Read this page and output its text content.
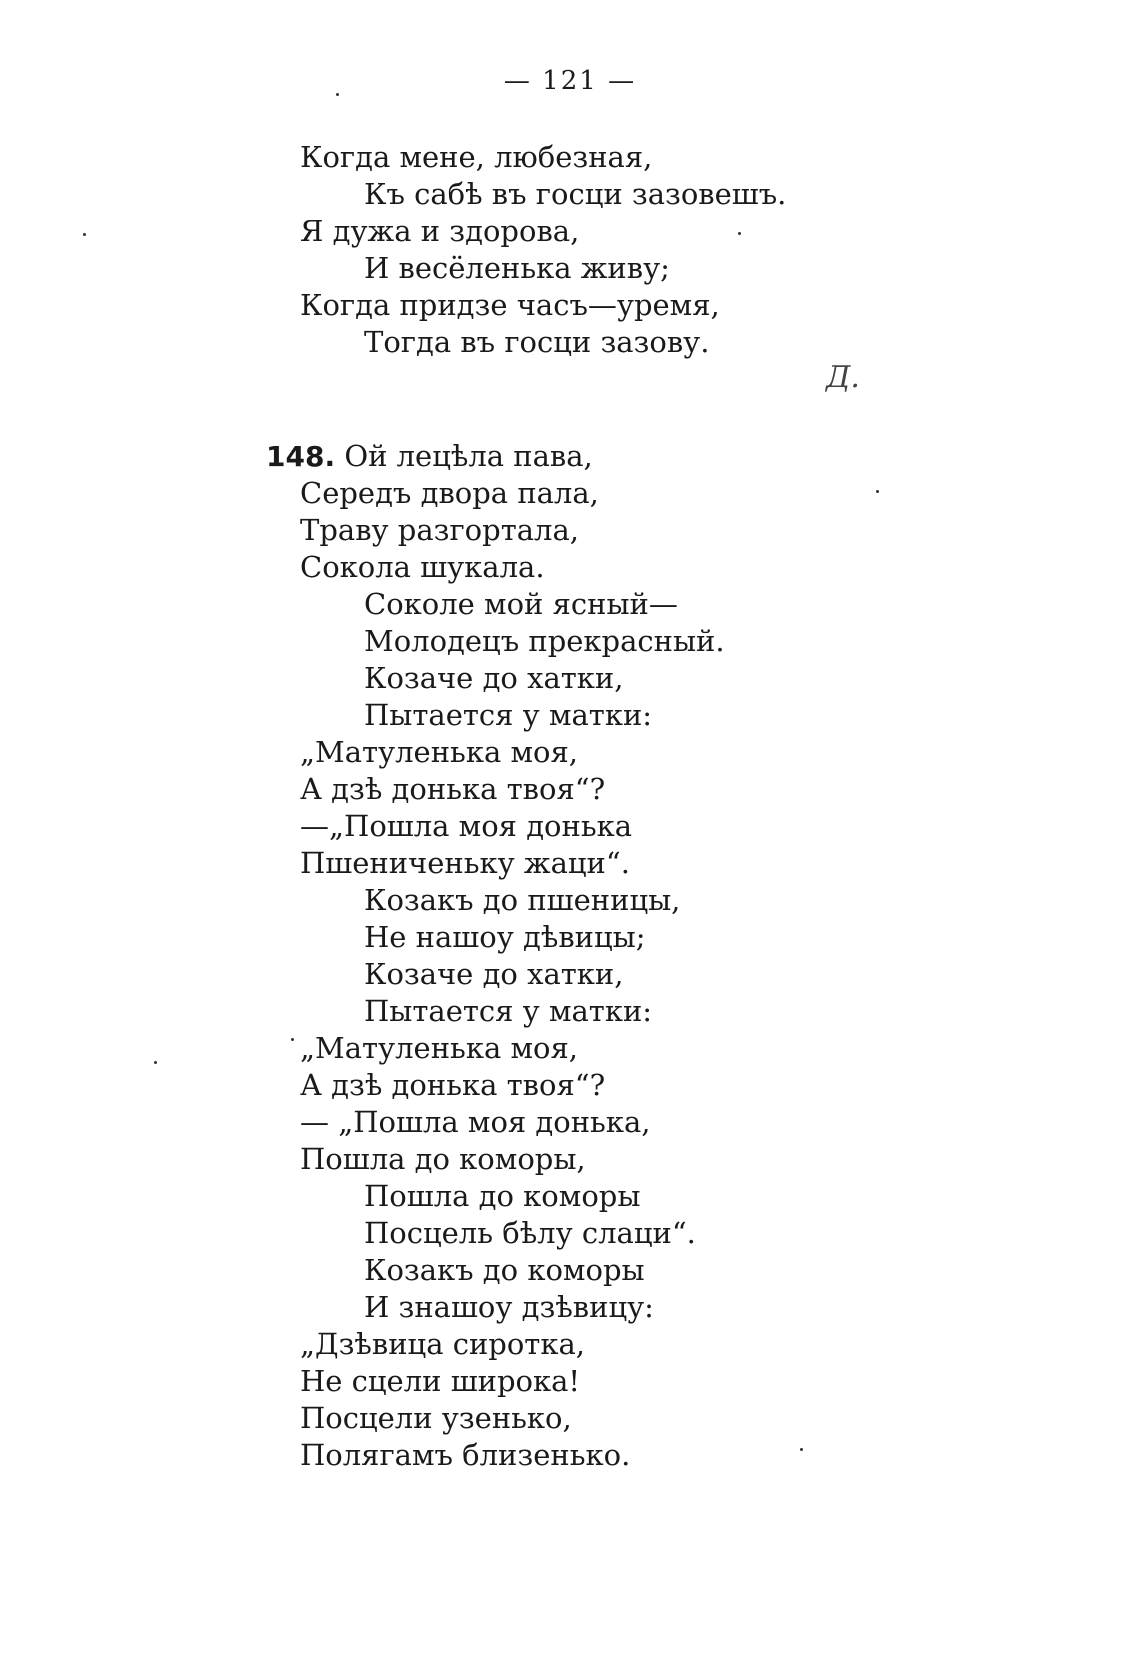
— 121 —
Когда мене, любезная,
Къ сабѣ въ госци зазовешъ.
Я дужа и здорова,
И весёленька живу;
Когда придзе часъ—уремя,
Тогда въ госци зазову.
Д.
148. Ой лецѣла пава,
Середъ двора пала,
Траву разгортала,
Сокола шукала.
Соколе мой ясный—
Молодецъ прекрасный.
Козаче до хатки,
Пытается у матки:
„Матуленька моя,
А дзѣ донька твоя“?
—„Пошла моя донька
Пшениченьку жаци“.
Козакъ до пшеницы,
Не нашоу дѣвицы;
Козаче до хатки,
Пытается у матки:
„Матуленька моя,
А дзѣ донька твоя“?
— „Пошла моя донька,
Пошла до коморы,
Пошла до коморы
Посцель бѣлу слаци“.
Козакъ до коморы
И знашоу дзѣвицу:
„Дзѣвица сиротка,
Не сцели широка!
Посцели узенько,
Полягамъ близенько.
